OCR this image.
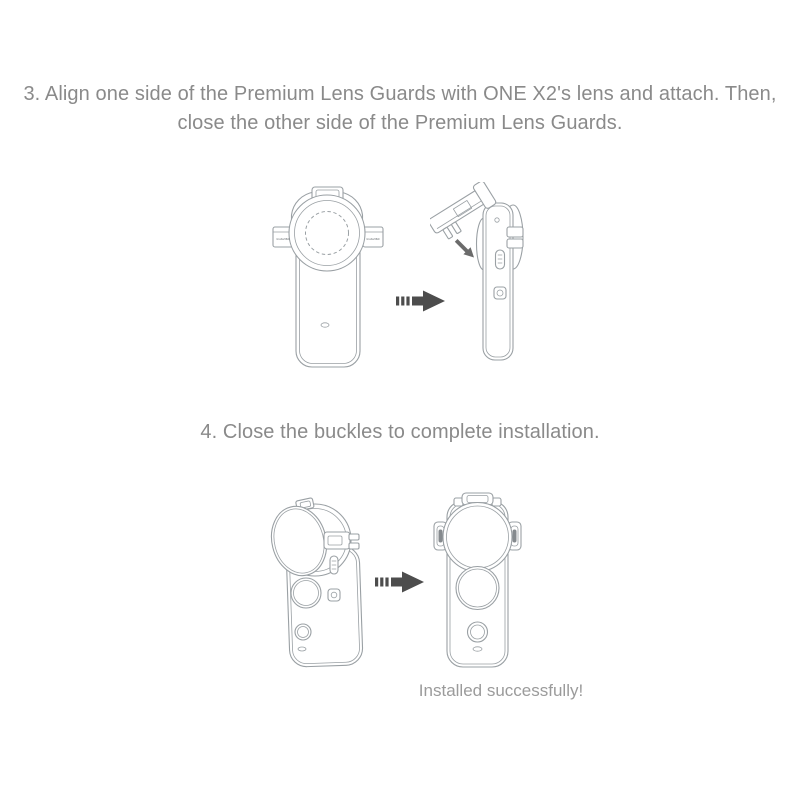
3. Align one side of the Premium Lens Guards with ONE X2's lens and attach. Then,
close the other side of the Premium Lens Guards.
Insta360	Insta360
4. Close the buckles to complete installation.
Installed successfully!
